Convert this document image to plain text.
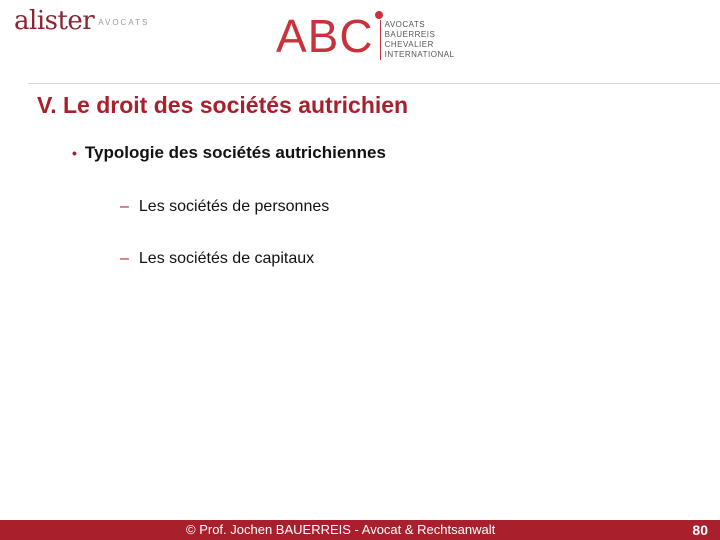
alister AVOCATS	ABC AVOCATS
BAUERREIS
CHEVALIER
INTERNATIONAL
V. Le droit des sociétés autrichien
• Typologie des sociétés autrichiennes
– Les sociétés de personnes
– Les sociétés de capitaux
© Prof. Jochen BAUERREIS - Avocat & Rechtsanwalt	80
